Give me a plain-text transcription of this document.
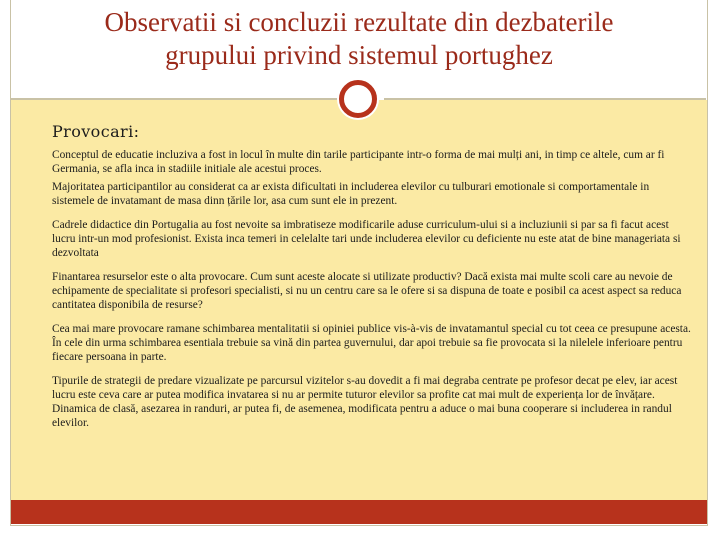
Observatii si concluzii rezultate din dezbaterile
grupului privind sistemul portughez
Provocari:

Conceptul de educatie incluziva a fost in locul în multe din tarile participante intr-o forma de mai mulți ani, in timp ce altele, cum ar fi Germania, se afla inca in stadiile initiale ale acestui proces.

Majoritatea participantilor au considerat ca ar exista dificultati in includerea elevilor cu tulburari emotionale si comportamentale in sistemele de invatamant de masa dinn țările lor, asa cum sunt ele in prezent.

Cadrele didactice din Portugalia au fost nevoite sa imbratiseze modificarile aduse curriculum-ului si a incluziunii si par sa fi facut acest lucru intr-un mod profesionist. Exista inca temeri in celelalte tari unde includerea elevilor cu deficiente nu este atat de bine manageriata si dezvoltata

Finantarea resurselor este o alta provocare. Cum sunt aceste alocate si utilizate productiv? Dacă exista mai multe scoli care au nevoie de echipamente de specialitate si profesori specialisti, si nu un centru care sa le ofere si sa dispuna de toate e posibil ca acest aspect sa reduca cantitatea disponibila de resurse?

Cea mai mare provocare ramane schimbarea mentalitatii si opiniei publice vis-à-vis de invatamantul special cu tot ceea ce presupune acesta. În cele din urma schimbarea esentiala trebuie sa vină din partea guvernului, dar apoi trebuie sa fie provocata si la nilelele inferioare pentru fiecare persoana in parte.

Tipurile de strategii de predare vizualizate pe parcursul vizitelor s-au dovedit a fi mai degraba centrate pe profesor decat pe elev, iar acest lucru este ceva care ar putea modifica invatarea si nu ar permite tuturor elevilor sa profite cat mai mult de experiența lor de învățare. Dinamica de clasă, asezarea in randuri, ar putea fi, de asemenea, modificata pentru a aduce o mai buna cooperare si includerea in randul elevilor.
